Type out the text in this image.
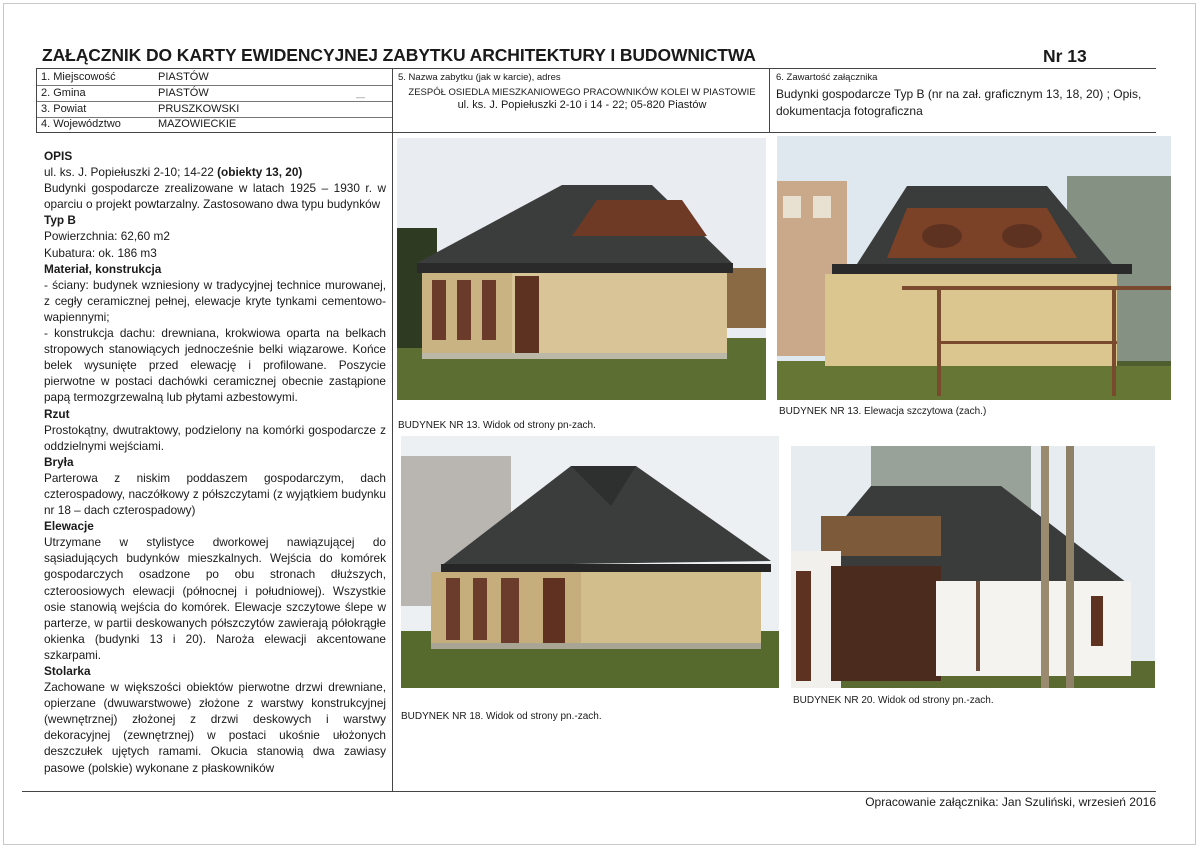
ZAŁĄCZNIK DO KARTY EWIDENCYJNEJ ZABYTKU ARCHITEKTURY I BUDOWNICTWA	Nr 13
1. Miejscowość	PIASTÓW
2. Gmina	PIASTÓW	—
3. Powiat	PRUSZKOWSKI
4. Województwo	MAZOWIECKIE
5. Nazwa zabytku (jak w karcie), adres
ZESPÓŁ OSIEDLA MIESZKANIOWEGO PRACOWNIKÓW KOLEI W PIASTOWIE
ul. ks. J. Popiełuszki 2-10 i 14 - 22; 05-820 Piastów
6. Zawartość załącznika
Budynki gospodarcze Typ B (nr na zał. graficznym 13, 18, 20) ; Opis, dokumentacja fotograficzna
OPIS
ul. ks. J. Popiełuszki 2-10; 14-22 (obiekty 13, 20)

Budynki gospodarcze zrealizowane w latach 1925 – 1930 r. w oparciu o projekt powtarzalny. Zastosowano dwa typu budynków

Typ B
Powierzchnia: 62,60 m2
Kubatura: ok. 186 m3
Materiał, konstrukcja

- ściany: budynek wzniesiony w tradycyjnej technice murowanej, z cegły ceramicznej pełnej, elewacje kryte tynkami cementowo-wapiennymi;

- konstrukcja dachu: drewniana, krokwiowa oparta na belkach stropowych stanowiących jednocześnie belki wiązarowe. Końce belek wysunięte przed elewację i profilowane. Poszycie pierwotne w postaci dachówki ceramicznej obecnie zastąpione papą termozgrzewalną lub płytami azbestowymi.

Rzut

Prostokątny, dwutraktowy, podzielony na komórki gospodarcze z oddzielnymi wejściami.

Bryła

Parterowa z niskim poddaszem gospodarczym, dach czterospadowy, naczółkowy z półszczytami (z wyjątkiem budynku nr 18 – dach czterospadowy)

Elewacje

Utrzymane w stylistyce dworkowej nawiązującej do sąsiadujących budynków mieszkalnych. Wejścia do komórek gospodarczych osadzone po obu stronach dłuższych, czteroosiowych elewacji (północnej i południowej). Wszystkie osie stanowią wejścia do komórek. Elewacje szczytowe ślepe w parterze, w partii deskowanych półszczytów zawierają półokrągłe okienka (budynki 13 i 20). Naroża elewacji akcentowane szkarpami.

Stolarka

Zachowane w większości obiektów pierwotne drzwi drewniane, opierzane (dwuwarstwowe) złożone z warstwy konstrukcyjnej (wewnętrznej) złożonej z drzwi deskowych i warstwy dekoracyjnej (zewnętrznej) w postaci ukośnie ułożonych deszczułek ujętych ramami. Okucia stanowią dwa zawiasy pasowe (polskie) wykonane z płaskowników

BUDYNEK NR 13. Widok od strony pn-zach.
BUDYNEK NR 13. Elewacja szczytowa (zach.)
BUDYNEK NR 18. Widok od strony pn.-zach.
BUDYNEK NR 20. Widok od strony pn.-zach.
Opracowanie załącznika: Jan Szuliński, wrzesień 2016
